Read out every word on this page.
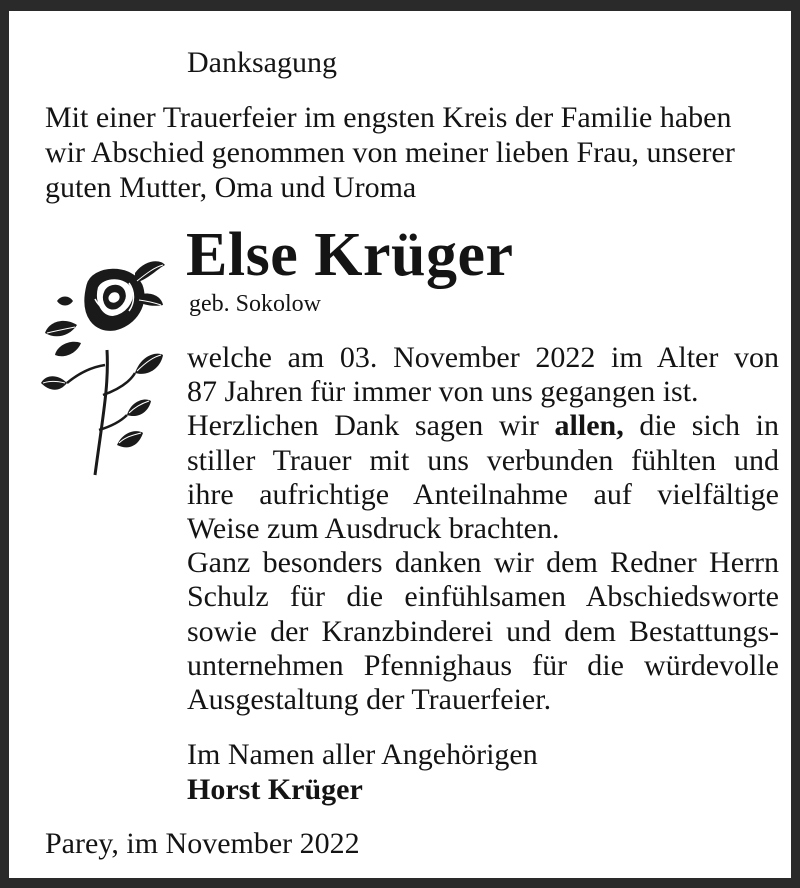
Danksagung
Mit einer Trauerfeier im engsten Kreis der Familie haben
wir Abschied genommen von meiner lieben Frau, unserer
guten Mutter, Oma und Uroma
Else Krüger
geb. Sokolow
welche am 03. November 2022 im Alter von
87 Jahren für immer von uns gegangen ist.
Herzlichen Dank sagen wir allen, die sich in
stiller Trauer mit uns verbunden fühlten und
ihre aufrichtige Anteilnahme auf vielfältige
Weise zum Ausdruck brachten.
Ganz besonders danken wir dem Redner Herrn
Schulz für die einfühlsamen Abschiedsworte
sowie der Kranzbinderei und dem Bestattungs-
unternehmen Pfennighaus für die würdevolle
Ausgestaltung der Trauerfeier.
Im Namen aller Angehörigen
Horst Krüger
Parey, im November 2022
